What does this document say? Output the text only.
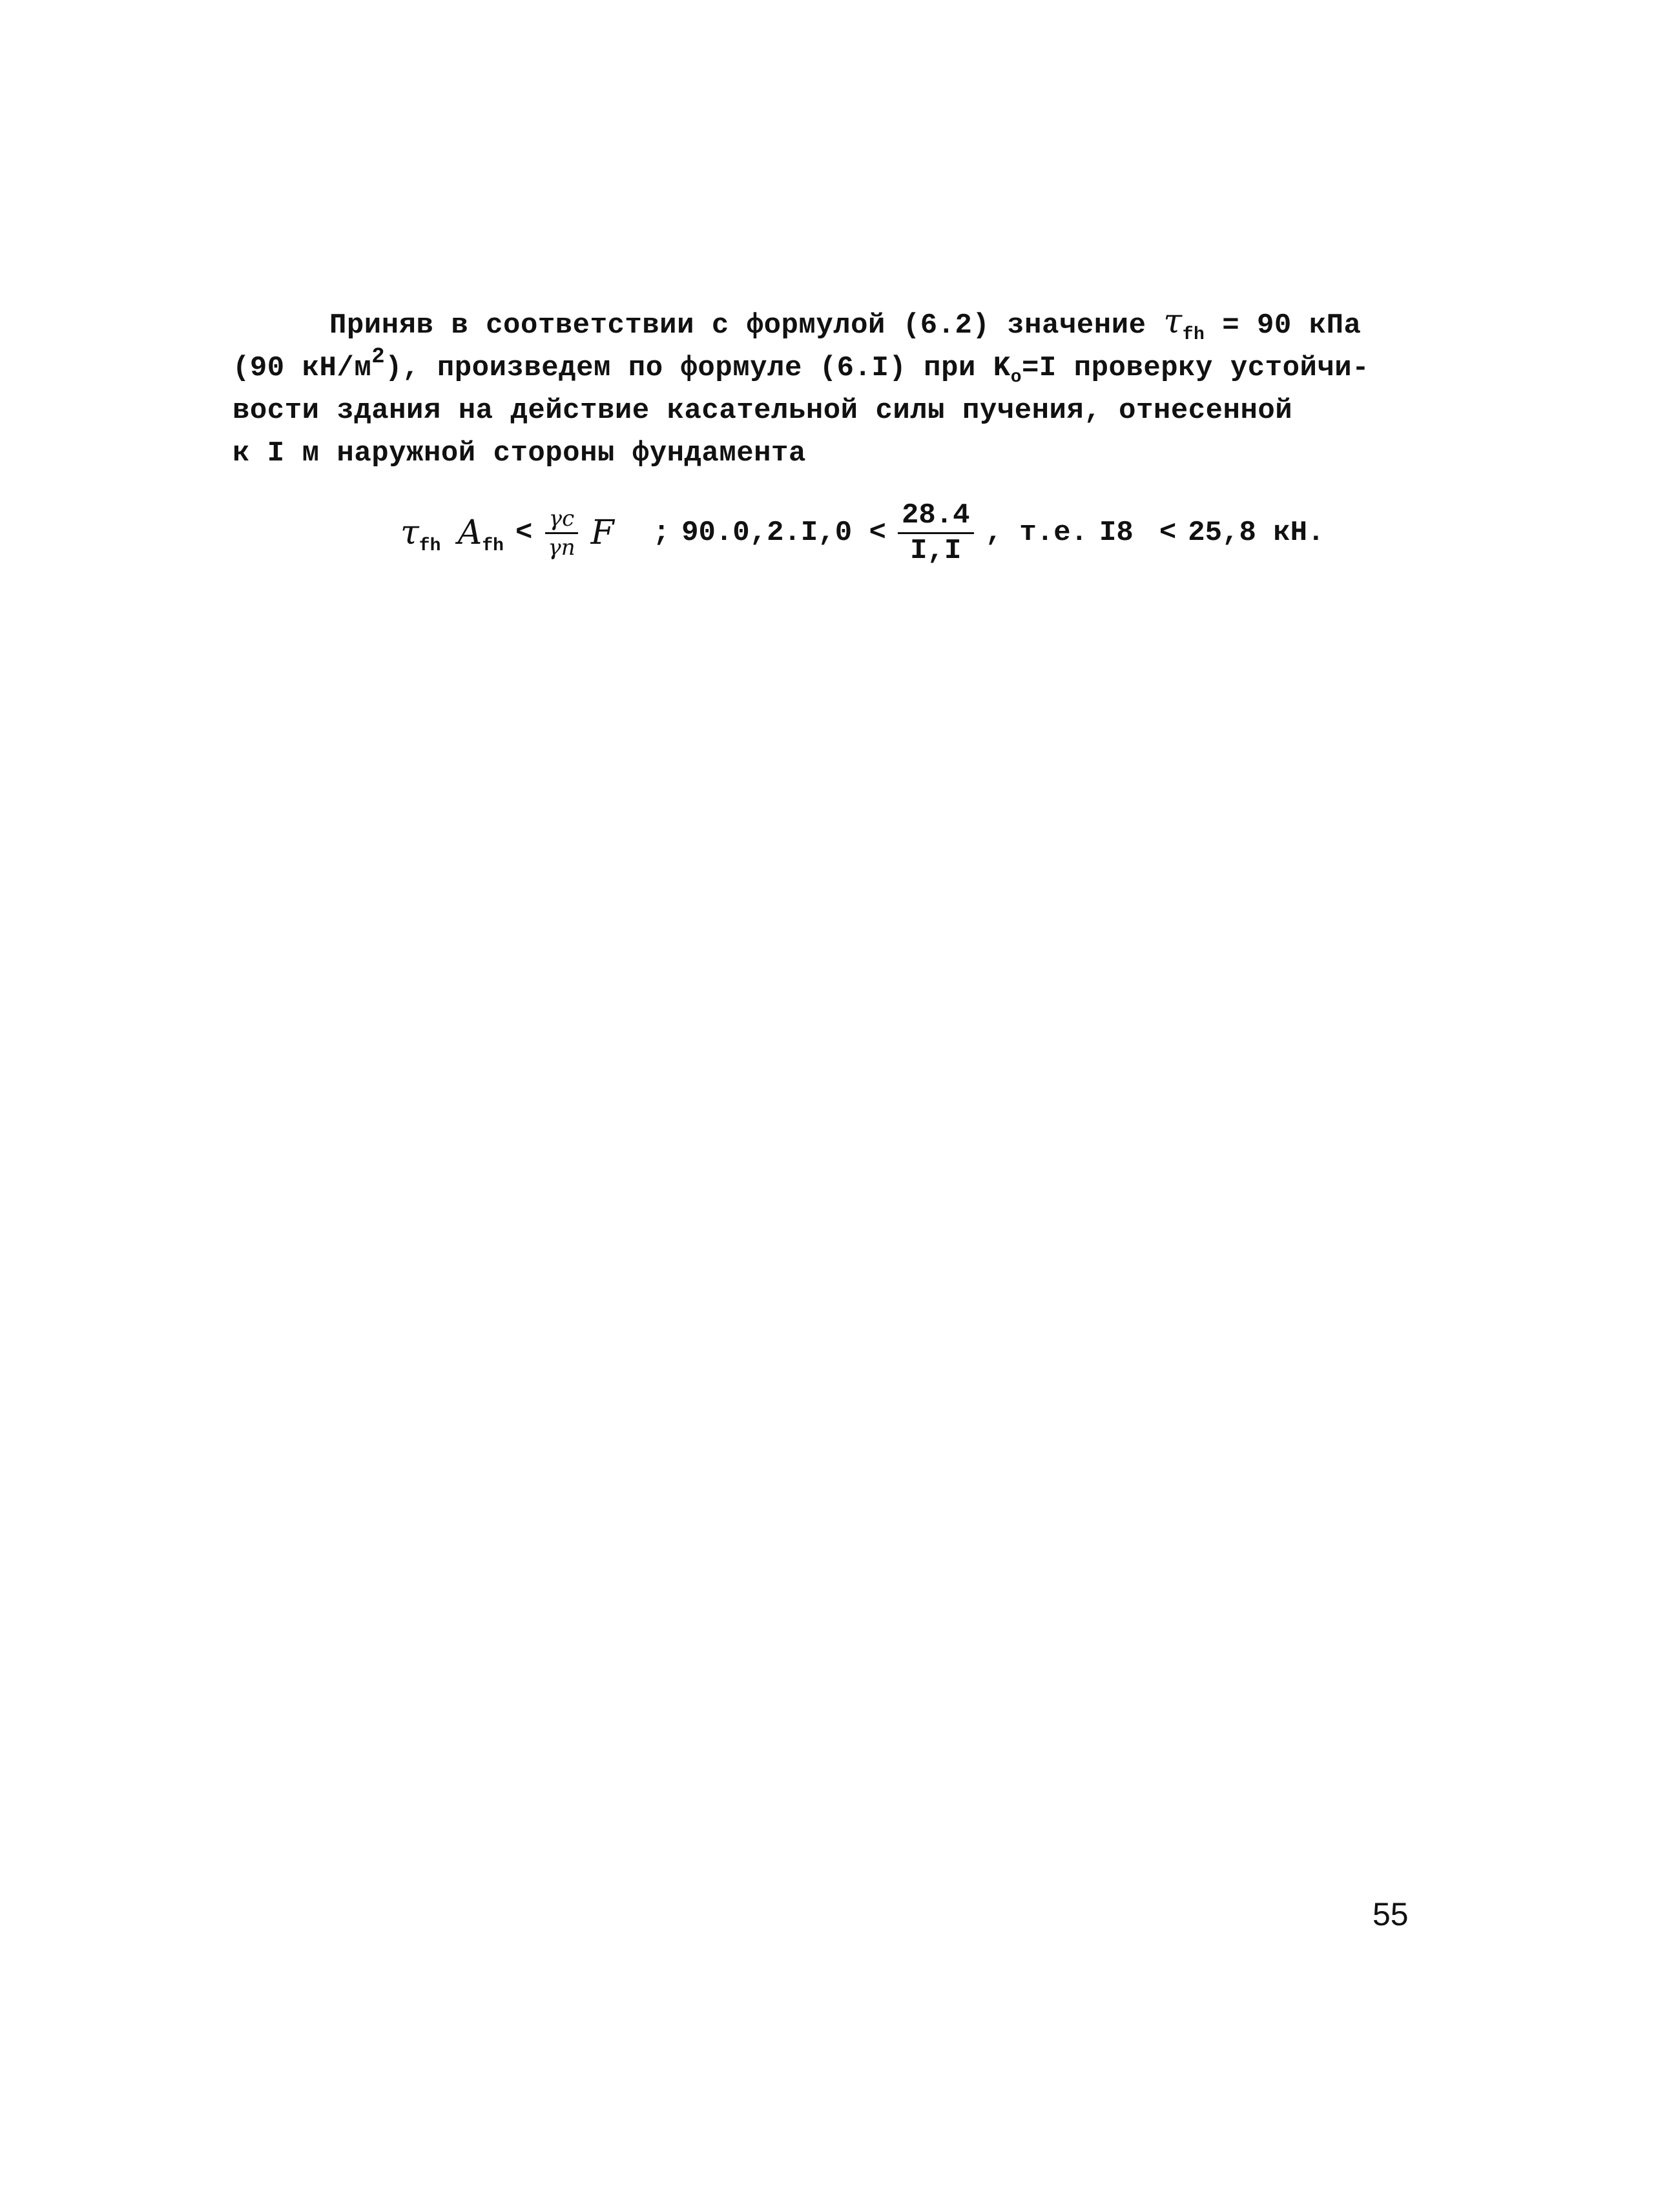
Приняв в соответствии с формулой (6.2) значение $\tau_{fh} = 90$ кПа
(90 $кН/м^2$), произведем по формуле (6.I) при $K_o=I$ проверку устойчи-
вости здания на действие касательной силы пучения, отнесенной
к I м наружной стороны фундамента
$\tau_{fh}$ $A_{fh} < \frac{\gamma c}{\gamma n}$ F ; $90.0,2.I,0 < \frac{28.4}{I,I}$ , т.е. I8 < 25,8 кН.
55
